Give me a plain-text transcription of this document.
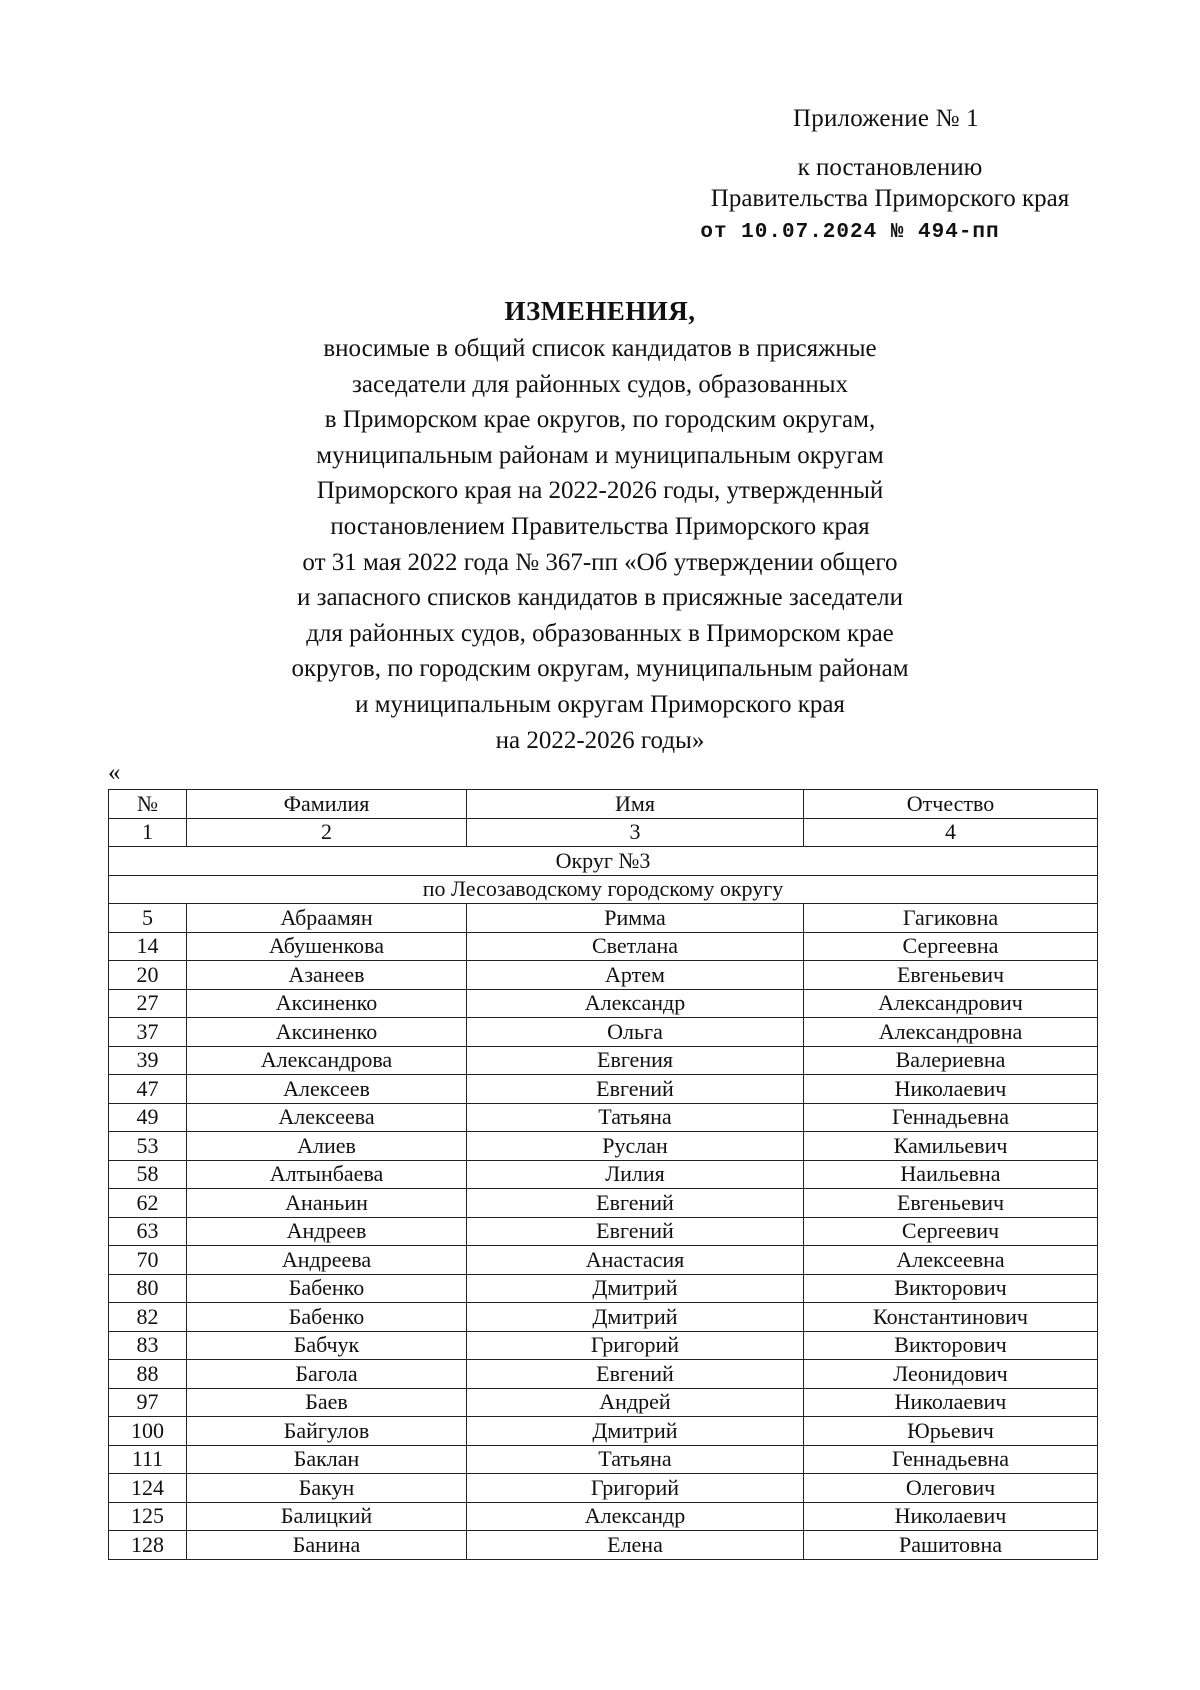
Приложение № 1
к постановлению
Правительства Приморского края
от 10.07.2024 № 494-пп
ИЗМЕНЕНИЯ,
вносимые в общий список кандидатов в присяжные
заседатели для районных судов, образованных
в Приморском крае округов, по городским округам,
муниципальным районам и муниципальным округам
Приморского края на 2022-2026 годы, утвержденный
постановлением Правительства Приморского края
от 31 мая 2022 года № 367-пп «Об утверждении общего
и запасного списков кандидатов в присяжные заседатели
для районных судов, образованных в Приморском крае
округов, по городским округам, муниципальным районам
и муниципальным округам Приморского края
на 2022-2026 годы»
«
№	Фамилия	Имя	Отчество
1	2	3	4
Округ №3			
по Лесозаводскому городскому округу			
5	Абраамян	Римма	Гагиковна
14	Абушенкова	Светлана	Сергеевна
20	Азанеев	Артем	Евгеньевич
27	Аксиненко	Александр	Александрович
37	Аксиненко	Ольга	Александровна
39	Александрова	Евгения	Валериевна
47	Алексеев	Евгений	Николаевич
49	Алексеева	Татьяна	Геннадьевна
53	Алиев	Руслан	Камильевич
58	Алтынбаева	Лилия	Наильевна
62	Ананьин	Евгений	Евгеньевич
63	Андреев	Евгений	Сергеевич
70	Андреева	Анастасия	Алексеевна
80	Бабенко	Дмитрий	Викторович
82	Бабенко	Дмитрий	Константинович
83	Бабчук	Григорий	Викторович
88	Багола	Евгений	Леонидович
97	Баев	Андрей	Николаевич
100	Байгулов	Дмитрий	Юрьевич
111	Баклан	Татьяна	Геннадьевна
124	Бакун	Григорий	Олегович
125	Балицкий	Александр	Николаевич
128	Банина	Елена	Рашитовна
